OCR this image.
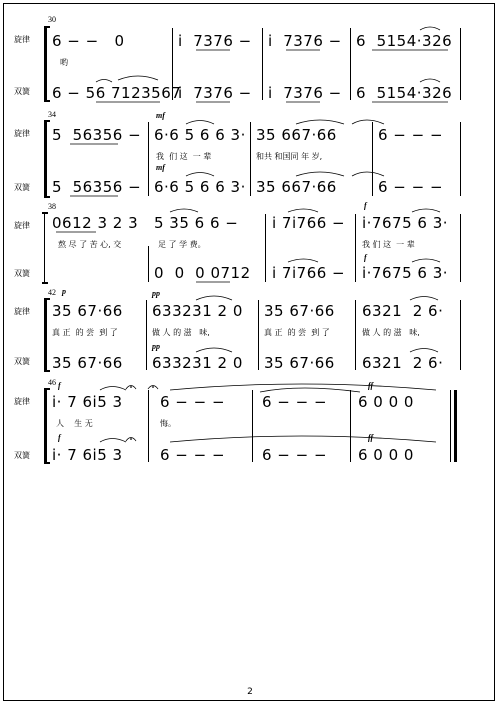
30
旋律
双簧
6 − −   0	i  7376 − i  7376 − 6  5154·326
哟
6 − 56 7123567
i  7376 − i  7376 − 6  5154·326
34
旋律
双簧
mf
mf
5  56356 − 6·6 5 6 6 3· 35 667·66	6 − − −
我  们 这  一 辈	和共 和国同 年 岁,
5  56356 − 6·6 5 6 6 3· 35 667·66	6 − − −
38
旋律
双簧
f
f
0612 3 2 3 5 35 6 6 − i 7i766 − i·7675 6 3·
熬 尽 了 苦 心, 交	足 了 学 费。	我 们 这  一 辈
0  0  0 0712 i 7i766 − i·7675 6 3·
42 p
旋律
双簧
pp
pp
35 67·66 633231 2 0 35 67·66 6321  2 6·
真 正  的 尝  到 了	做 人 的 滋   味,	真 正  的 尝  到 了	做 人 的 滋   味,
35 67·66 633231 2 0 35 67·66 6321  2 6·
46
旋律
双簧
f	ff
f	ff
i· 7 6i5 3 6 − − − 6 − − − 6 0 0 0
人    生 无	悔。
i· 7 6i5 3 6 − − − 6 − − − 6 0 0 0
2
